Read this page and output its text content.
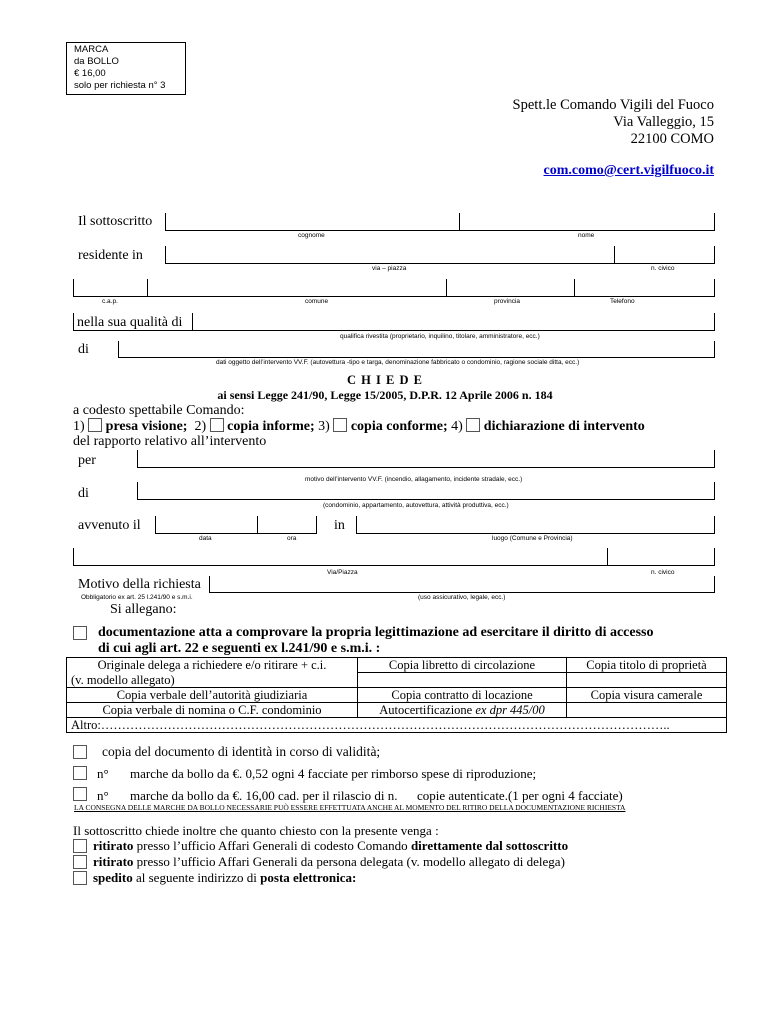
MARCA
da BOLLO
€ 16,00
solo per richiesta n° 3
Spett.le Comando Vigili del Fuoco
Via Valleggio, 15
22100 COMO
com.como@cert.vigilfuoco.it
Il sottoscritto
cognome	nome
residente in
via – piazza	n. civico
c.a.p.	comune	provincia	Telefono
nella sua qualità di
qualifica rivestita (proprietario, inquilino, titolare, amministratore, ecc.)
di
dati oggetto dell’intervento VV.F. (autovettura -tipo e targa, denominazione fabbricato o condominio, ragione sociale ditta, ecc.)
C H I E D E
ai sensi Legge 241/90, Legge 15/2005, D.P.R. 12 Aprile 2006 n. 184
a codesto spettabile Comando:
1) presa visione; 2) copia informe; 3) copia conforme; 4) dichiarazione di intervento
del rapporto relativo all’intervento
per
motivo dell’intervento VV.F. (incendio, allagamento, incidente stradale, ecc.)
di
(condominio, appartamento, autovettura, attività produttiva, ecc.)
avvenuto il	in
data	ora	luogo (Comune e Provincia)
Via/Piazza	n. civico
Motivo della richiesta
Obbligatorio ex art. 25 l.241/90 e s.m.i.	(uso assicurativo, legale, ecc.)
Si allegano:
documentazione atta a comprovare la propria legittimazione ad esercitare il diritto di accesso
di cui agli art. 22 e seguenti ex l.241/90 e s.m.i. :
Originale delega a richiedere e/o ritirare + c.i.	Copia libretto di circolazione	Copia titolo di proprietà
(v. modello allegato)		
Copia verbale dell’autorità giudiziaria	Copia contratto di locazione	Copia visura camerale
Copia verbale di nomina o C.F. condominio	Autocertificazione ex dpr 445/00	
Altro:………………………………………………………………………………………………………………………..		
copia del documento di identità in corso di validità;
n° marche da bollo da €. 0,52 ogni 4 facciate per rimborso spese di riproduzione;
n° marche da bollo da €. 16,00 cad. per il rilascio di n.      copie autenticate.(1 per ogni 4 facciate)
LA CONSEGNA DELLE MARCHE DA BOLLO NECESSARIE PUÒ ESSERE EFFETTUATA ANCHE AL MOMENTO DEL RITIRO DELLA DOCUMENTAZIONE RICHIESTA
Il sottoscritto chiede inoltre che quanto chiesto con la presente venga :
ritirato presso l’ufficio Affari Generali di codesto Comando direttamente dal sottoscritto
ritirato presso l’ufficio Affari Generali da persona delegata (v. modello allegato di delega)
spedito al seguente indirizzo di posta elettronica:
